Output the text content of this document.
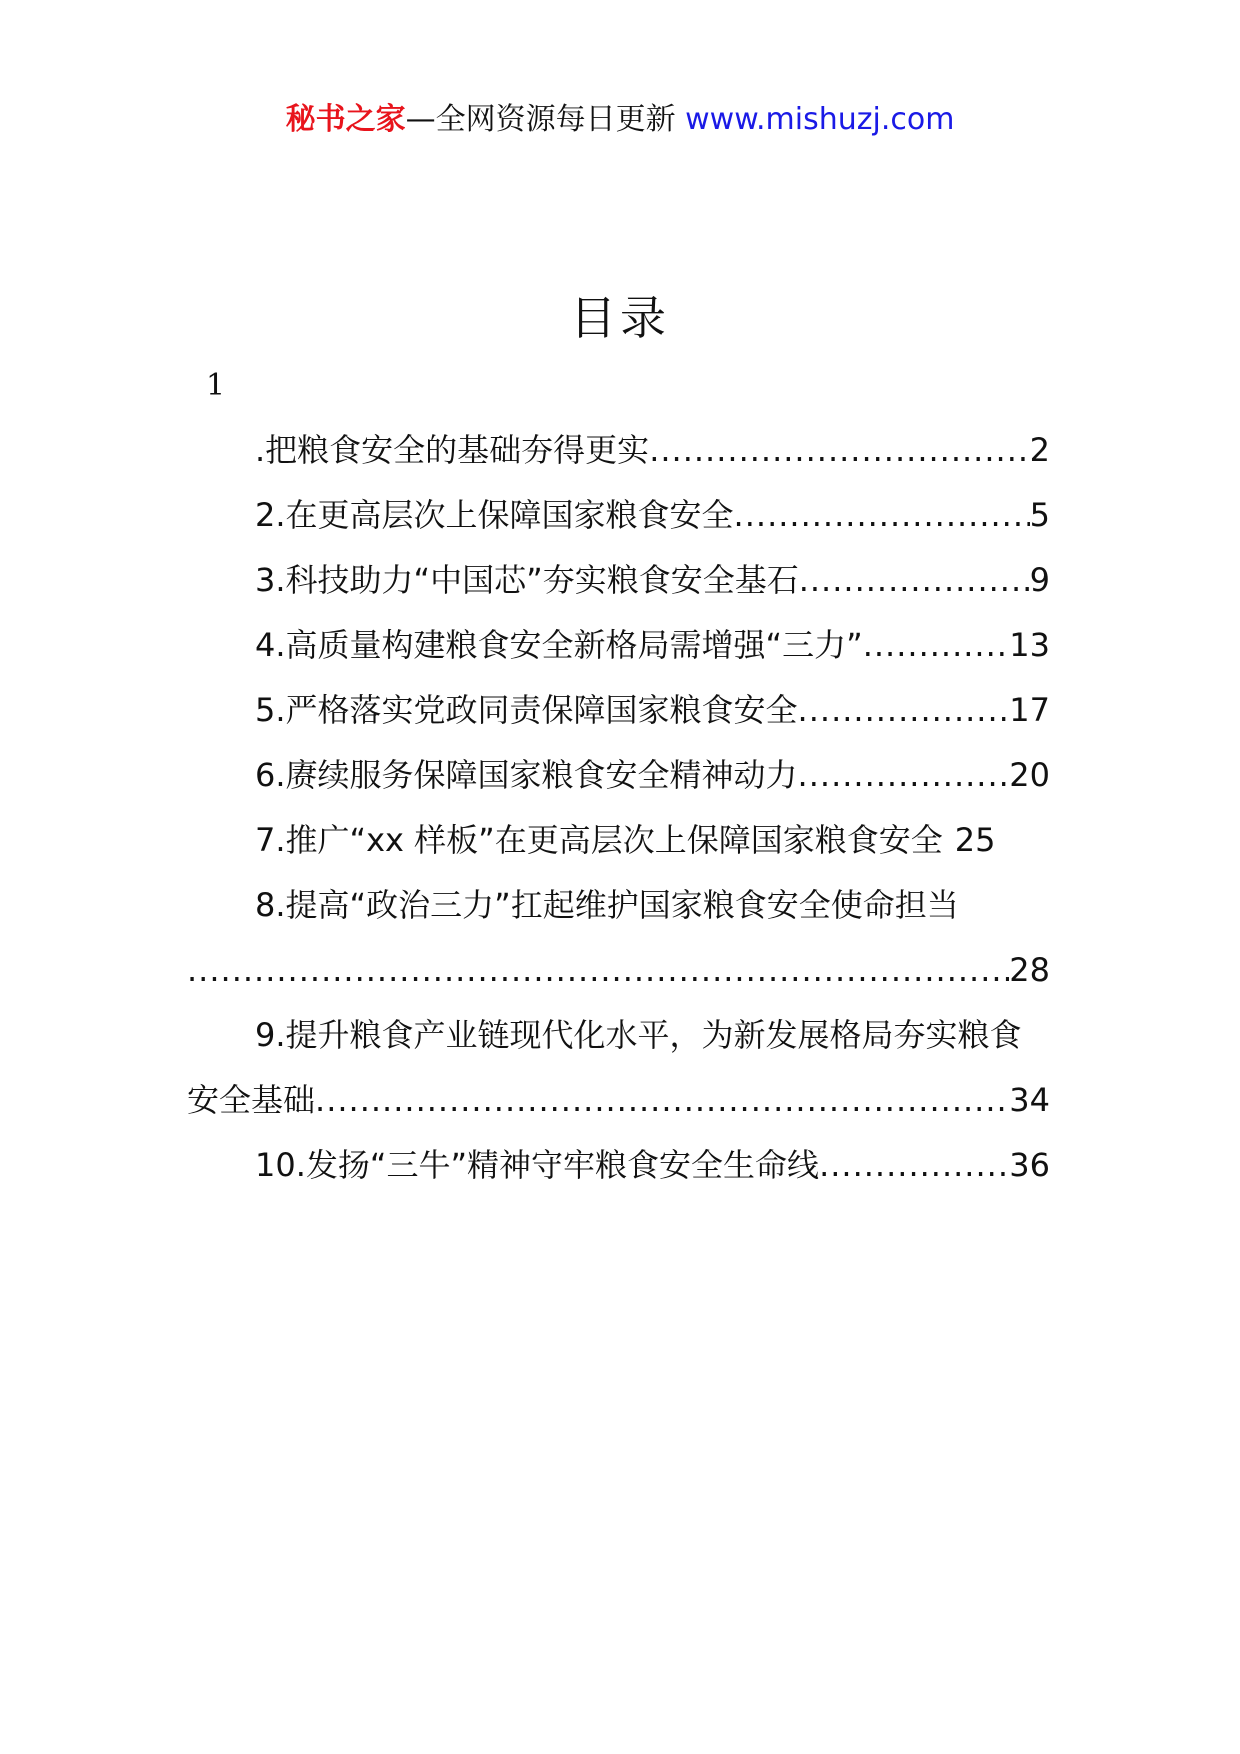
秘书之家—全网资源每日更新 www.mishuzj.com
目录
1
.把粮食安全的基础夯得更实 .....	2
2.在更高层次上保障国家粮食安全 .....	5
3.科技助力“中国芯”夯实粮食安全基石 .....	9
4.高质量构建粮食安全新格局需增强“三力” .....	13
5.严格落实党政同责保障国家粮食安全 .....	17
6.赓续服务保障国家粮食安全精神动力 .....	20
7.推广“xx 样板”在更高层次上保障国家粮食安全 25
8.提高“政治三力”扛起维护国家粮食安全使命担当
.....
28
9.提升粮食产业链现代化水平，为新发展格局夯实粮食
安全基础 .....	34
10.发扬“三牛”精神守牢粮食安全生命线 .....	36
